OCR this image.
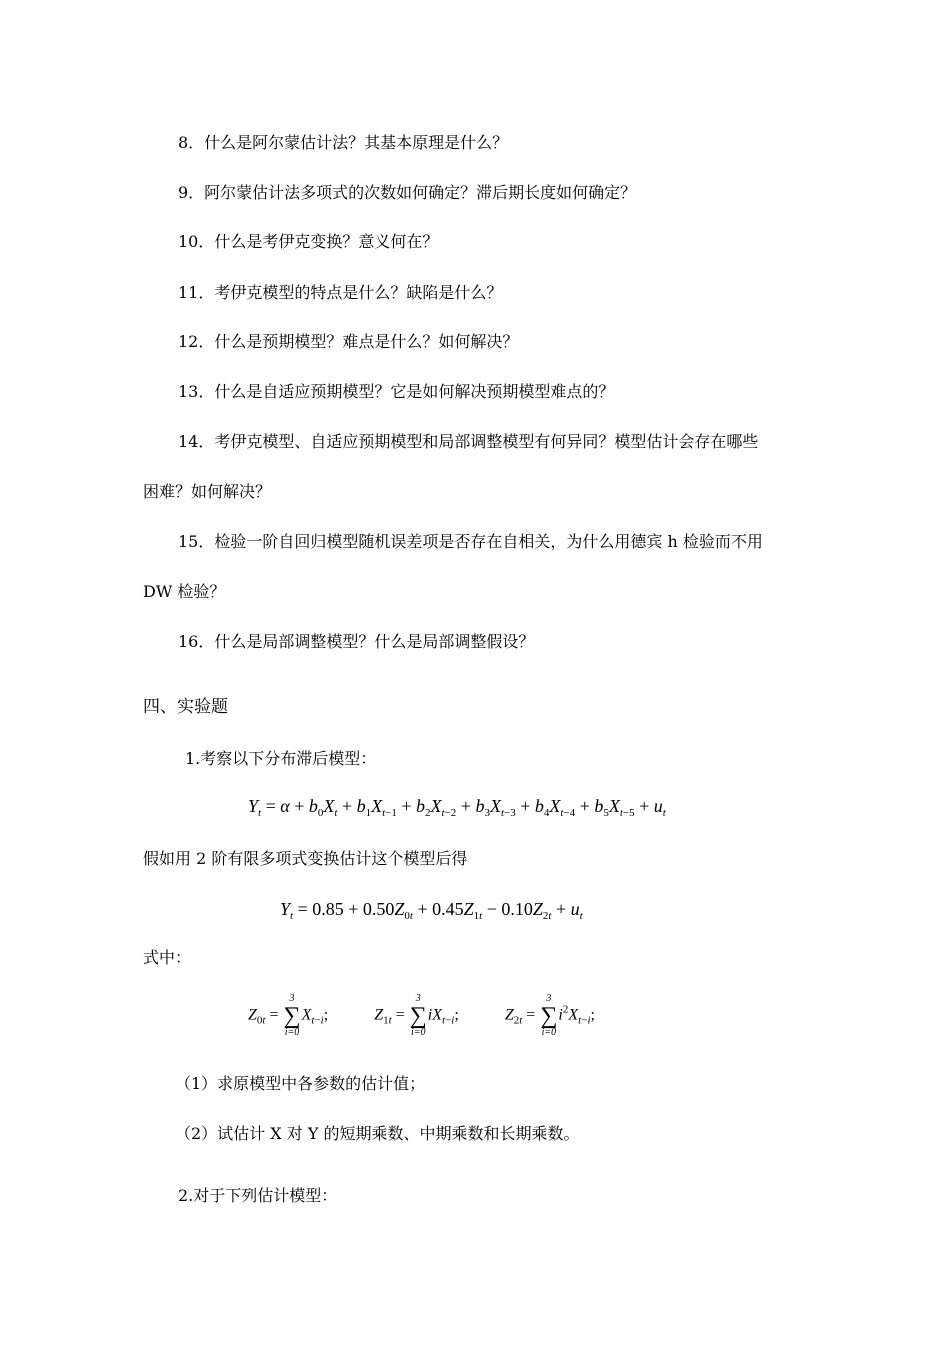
8．什么是阿尔蒙估计法？其基本原理是什么？
9．阿尔蒙估计法多项式的次数如何确定？滞后期长度如何确定？
10．什么是考伊克变换？意义何在？
11．考伊克模型的特点是什么？缺陷是什么？
12．什么是预期模型？难点是什么？如何解决？
13．什么是自适应预期模型？它是如何解决预期模型难点的？
14．考伊克模型、自适应预期模型和局部调整模型有何异同？模型估计会存在哪些
困难？如何解决？
15．检验一阶自回归模型随机误差项是否存在自相关，为什么用德宾 h 检验而不用
DW 检验？
16．什么是局部调整模型？什么是局部调整假设？
四、实验题
1.考察以下分布滞后模型：
$Y_t = \alpha + b_0X_t + b_1X_{t-1} + b_2X_{t-2} + b_3X_{t-3} + b_4X_{t-4} + b_5X_{t-5} + u_t$
假如用 2 阶有限多项式变换估计这个模型后得
$Y_t = 0.85 + 0.50Z_{0t} + 0.45Z_{1t} - 0.10Z_{2t} + u_t$
式中：
$Z_{0t}$ =
3
∑
i=0
$X_{t-i}$;	$Z_{1t}$ =
3
∑
i=0
$iX_{t-i}$;	$Z_{2t}$ =
3
∑
i=0
$i^2X_{t-i}$;
（1）求原模型中各参数的估计值；
（2）试估计 X 对 Y 的短期乘数、中期乘数和长期乘数。
2.对于下列估计模型：
